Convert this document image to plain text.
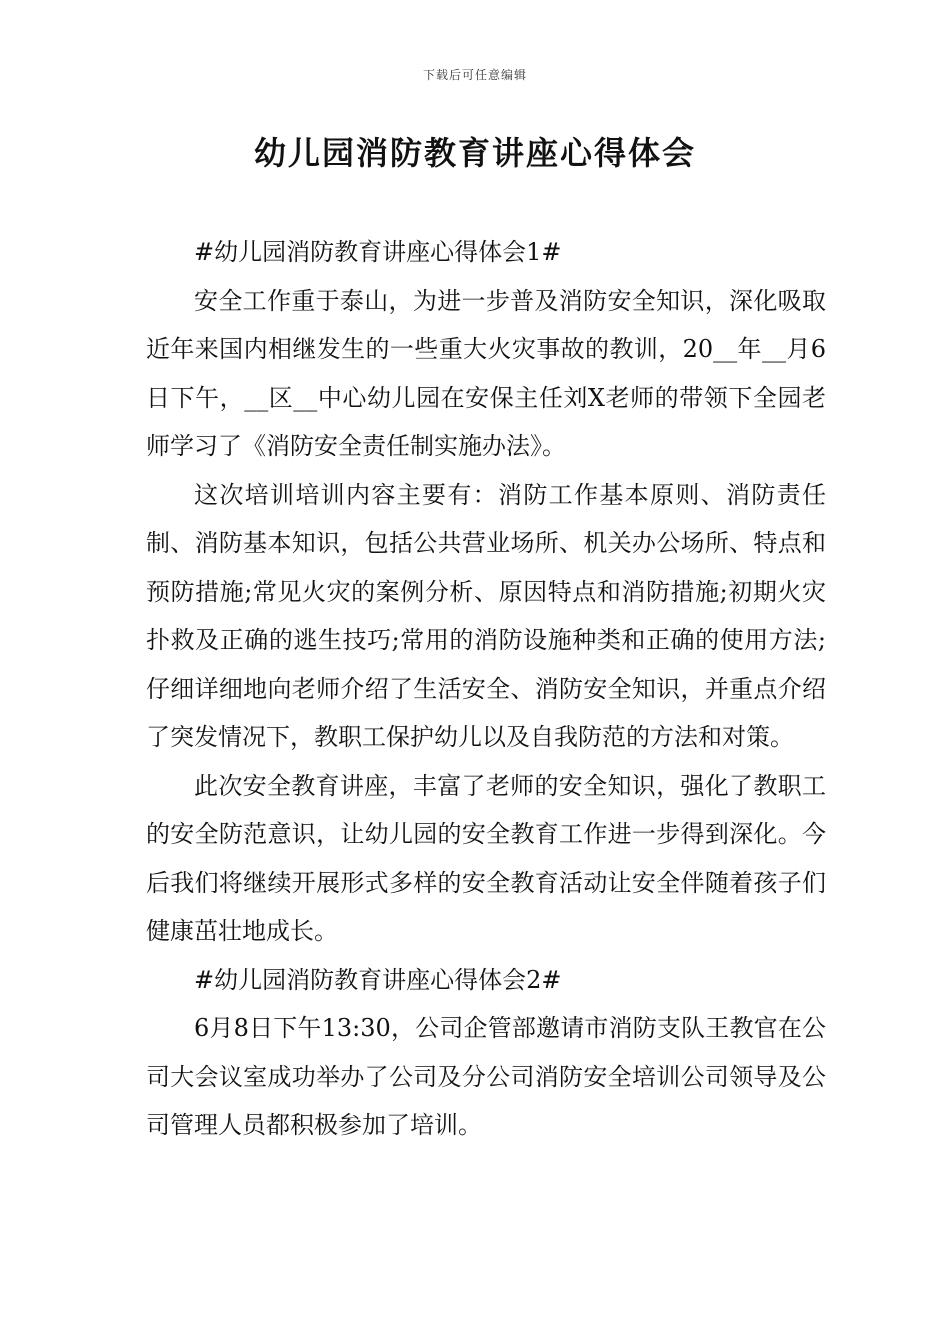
下载后可任意编辑
幼儿园消防教育讲座心得体会

#幼儿园消防教育讲座心得体会1#

安全工作重于泰山，为进一步普及消防安全知识，深化吸取近年来国内相继发生的一些重大火灾事故的教训，20__年__月6日下午，__区__中心幼儿园在安保主任刘X老师的带领下全园老师学习了《消防安全责任制实施办法》。

这次培训培训内容主要有：消防工作基本原则、消防责任制、消防基本知识，包括公共营业场所、机关办公场所、特点和预防措施;常见火灾的案例分析、原因特点和消防措施;初期火灾扑救及正确的逃生技巧;常用的消防设施种类和正确的使用方法;仔细详细地向老师介绍了生活安全、消防安全知识，并重点介绍了突发情况下，教职工保护幼儿以及自我防范的方法和对策。

此次安全教育讲座，丰富了老师的安全知识，强化了教职工的安全防范意识，让幼儿园的安全教育工作进一步得到深化。今后我们将继续开展形式多样的安全教育活动让安全伴随着孩子们健康茁壮地成长。

#幼儿园消防教育讲座心得体会2#

6月8日下午13:30，公司企管部邀请市消防支队王教官在公司大会议室成功举办了公司及分公司消防安全培训公司领导及公司管理人员都积极参加了培训。
